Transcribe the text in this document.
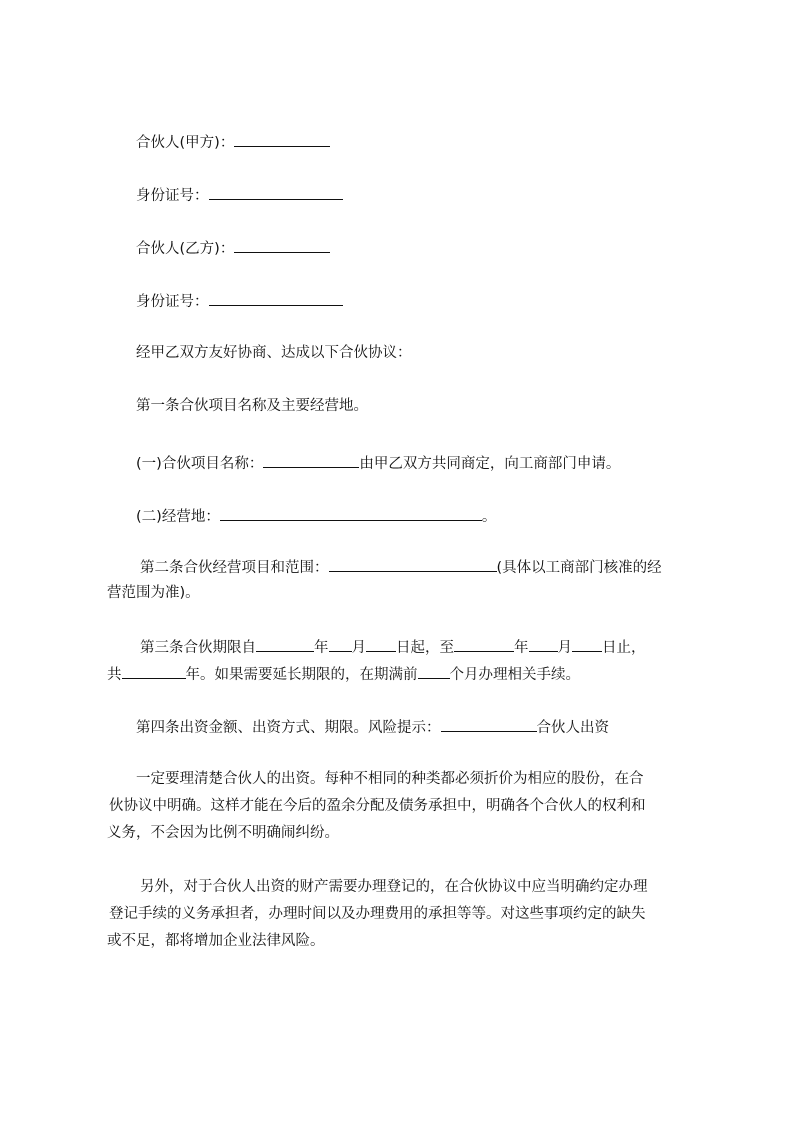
合伙人(甲方)：
身份证号：
合伙人(乙方)：
身份证号：
经甲乙双方友好协商、达成以下合伙协议：
第一条合伙项目名称及主要经营地。
(一)合伙项目名称：	由甲乙双方共同商定，向工商部门申请。
(二)经营地：	。
第二条合伙经营项目和范围：	(具体以工商部门核准的经
营范围为准)。
第三条合伙期限自	年 月 日起，至	年 月 日止，
共	年。如果需要延长期限的，在期满前 个月办理相关手续。
第四条出资金额、出资方式、期限。风险提示：	合伙人出资
一定要理清楚合伙人的出资。每种不相同的种类都必须折价为相应的股份，在合
伙协议中明确。这样才能在今后的盈余分配及债务承担中，明确各个合伙人的权利和
义务，不会因为比例不明确闹纠纷。
另外，对于合伙人出资的财产需要办理登记的，在合伙协议中应当明确约定办理
登记手续的义务承担者，办理时间以及办理费用的承担等等。对这些事项约定的缺失
或不足，都将增加企业法律风险。
